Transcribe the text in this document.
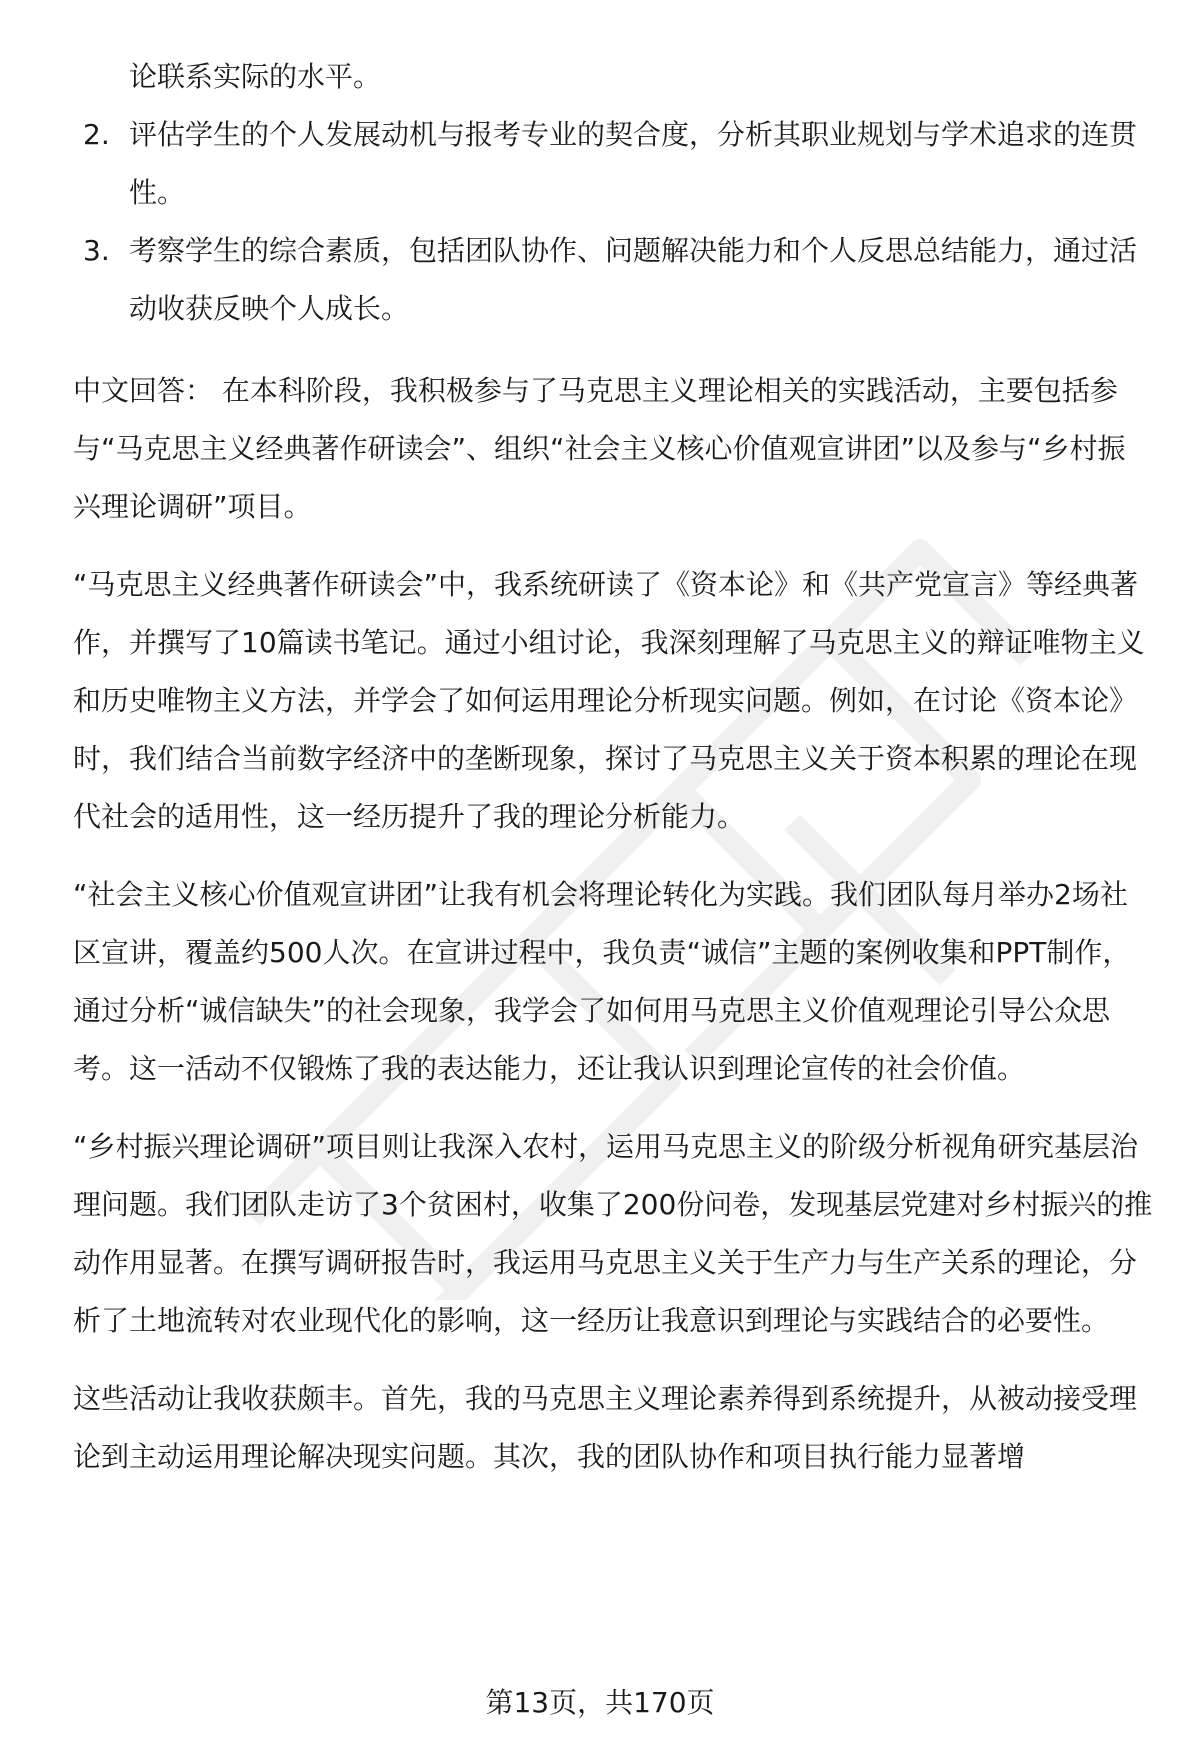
论联系实际的水平。
2. 评估学生的个人发展动机与报考专业的契合度，分析其职业规划与学术追求的连贯性。
3. 考察学生的综合素质，包括团队协作、问题解决能力和个人反思总结能力，通过活动收获反映个人成长。

中文回答： 在本科阶段，我积极参与了马克思主义理论相关的实践活动，主要包括参与“马克思主义经典著作研读会”、组织“社会主义核心价值观宣讲团”以及参与“乡村振兴理论调研”项目。

“马克思主义经典著作研读会”中，我系统研读了《资本论》和《共产党宣言》等经典著作，并撰写了10篇读书笔记。通过小组讨论，我深刻理解了马克思主义的辩证唯物主义和历史唯物主义方法，并学会了如何运用理论分析现实问题。例如，在讨论《资本论》时，我们结合当前数字经济中的垄断现象，探讨了马克思主义关于资本积累的理论在现代社会的适用性，这一经历提升了我的理论分析能力。

“社会主义核心价值观宣讲团”让我有机会将理论转化为实践。我们团队每月举办2场社区宣讲，覆盖约500人次。在宣讲过程中，我负责“诚信”主题的案例收集和PPT制作，通过分析“诚信缺失”的社会现象，我学会了如何用马克思主义价值观理论引导公众思考。这一活动不仅锻炼了我的表达能力，还让我认识到理论宣传的社会价值。

“乡村振兴理论调研”项目则让我深入农村，运用马克思主义的阶级分析视角研究基层治理问题。我们团队走访了3个贫困村，收集了200份问卷，发现基层党建对乡村振兴的推动作用显著。在撰写调研报告时，我运用马克思主义关于生产力与生产关系的理论，分析了土地流转对农业现代化的影响，这一经历让我意识到理论与实践结合的必要性。

这些活动让我收获颇丰。首先，我的马克思主义理论素养得到系统提升，从被动接受理论到主动运用理论解决现实问题。其次，我的团队协作和项目执行能力显著增

第13页，共170页
